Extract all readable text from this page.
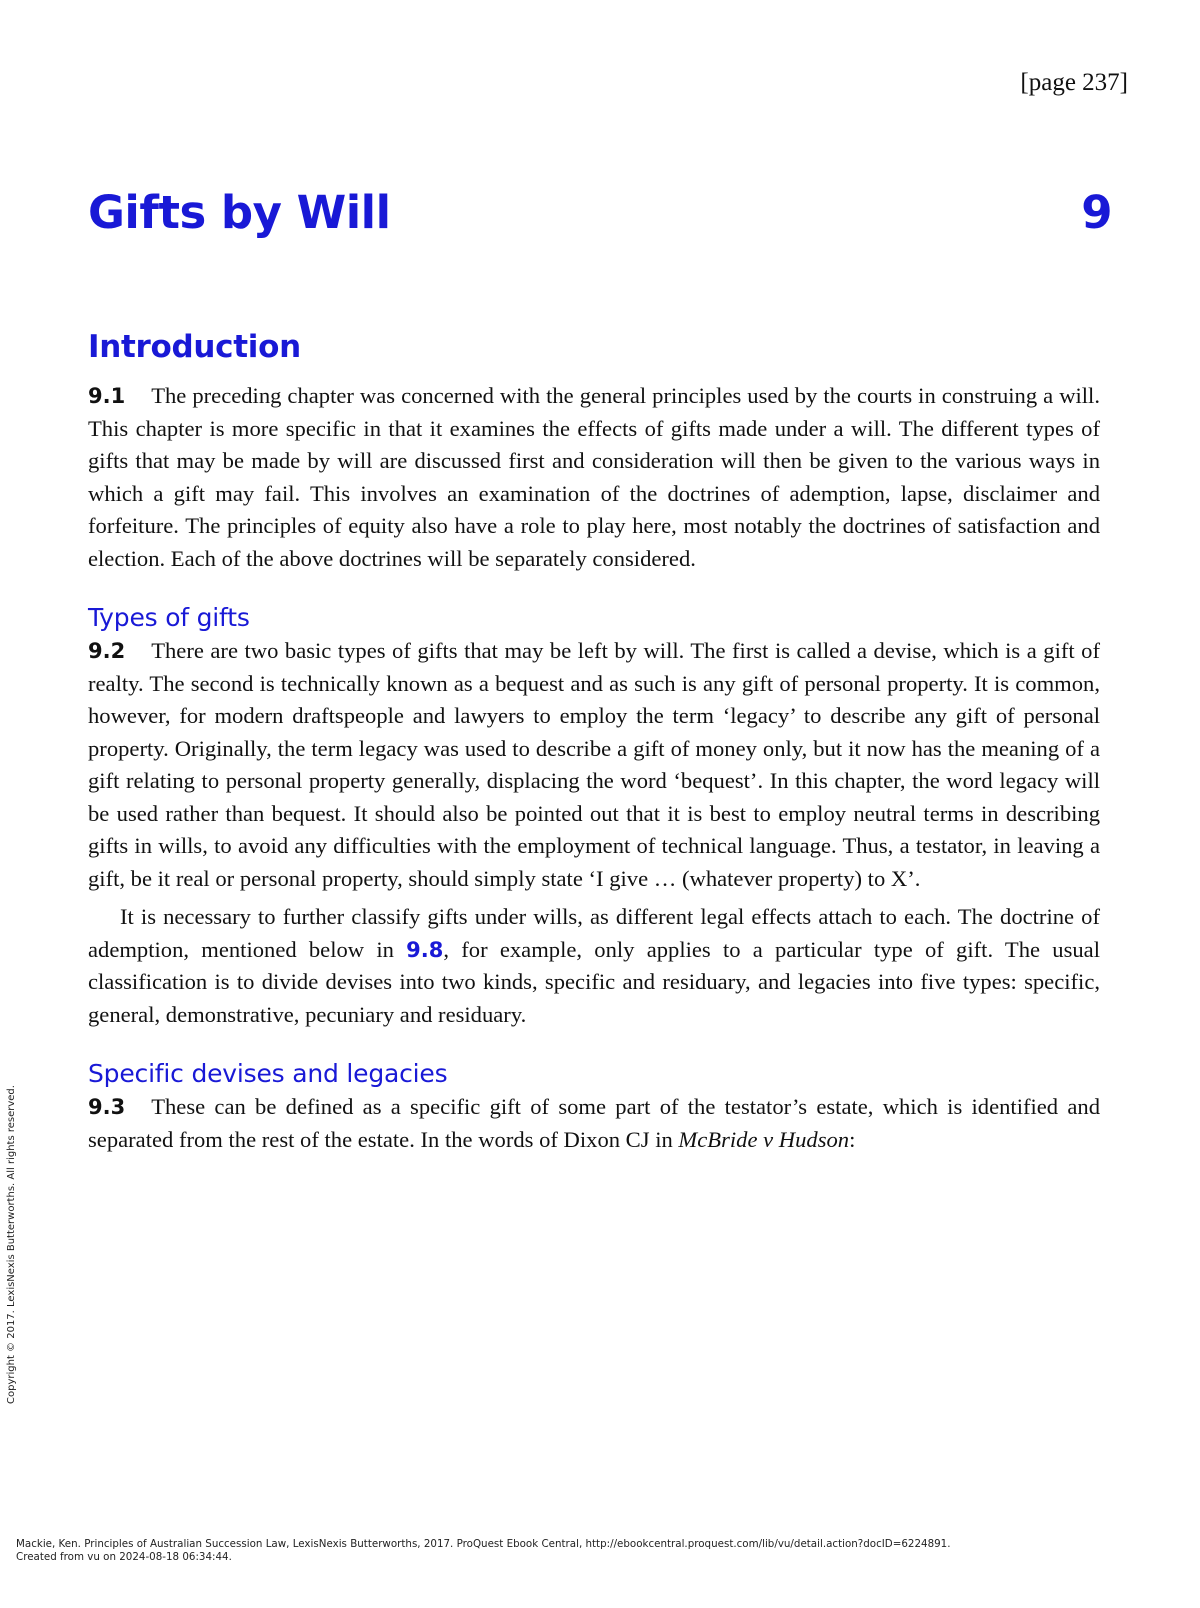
[page 237]
Gifts by Will	9
Introduction

9.1 The preceding chapter was concerned with the general principles used by the courts in construing a will. This chapter is more specific in that it examines the effects of gifts made under a will. The different types of gifts that may be made by will are discussed first and consideration will then be given to the various ways in which a gift may fail. This involves an examination of the doctrines of ademption, lapse, disclaimer and forfeiture. The principles of equity also have a role to play here, most notably the doctrines of satisfaction and election. Each of the above doctrines will be separately considered.

Types of gifts

9.2 There are two basic types of gifts that may be left by will. The first is called a devise, which is a gift of realty. The second is technically known as a bequest and as such is any gift of personal property. It is common, however, for modern draftspeople and lawyers to employ the term ‘legacy’ to describe any gift of personal property. Originally, the term legacy was used to describe a gift of money only, but it now has the meaning of a gift relating to personal property generally, displacing the word ‘bequest’. In this chapter, the word legacy will be used rather than bequest. It should also be pointed out that it is best to employ neutral terms in describing gifts in wills, to avoid any difficulties with the employment of technical language. Thus, a testator, in leaving a gift, be it real or personal property, should simply state ‘I give … (whatever property) to X’.

It is necessary to further classify gifts under wills, as different legal effects attach to each. The doctrine of ademption, mentioned below in 9.8, for example, only applies to a particular type of gift. The usual classification is to divide devises into two kinds, specific and residuary, and legacies into five types: specific, general, demonstrative, pecuniary and residuary.

Specific devises and legacies

9.3 These can be defined as a specific gift of some part of the testator’s estate, which is identified and separated from the rest of the estate. In the words of Dixon CJ in McBride v Hudson:

Copyright © 2017. LexisNexis Butterworths. All rights reserved.
Mackie, Ken. Principles of Australian Succession Law, LexisNexis Butterworths, 2017. ProQuest Ebook Central, http://ebookcentral.proquest.com/lib/vu/detail.action?docID=6224891.
Created from vu on 2024-08-18 06:34:44.
